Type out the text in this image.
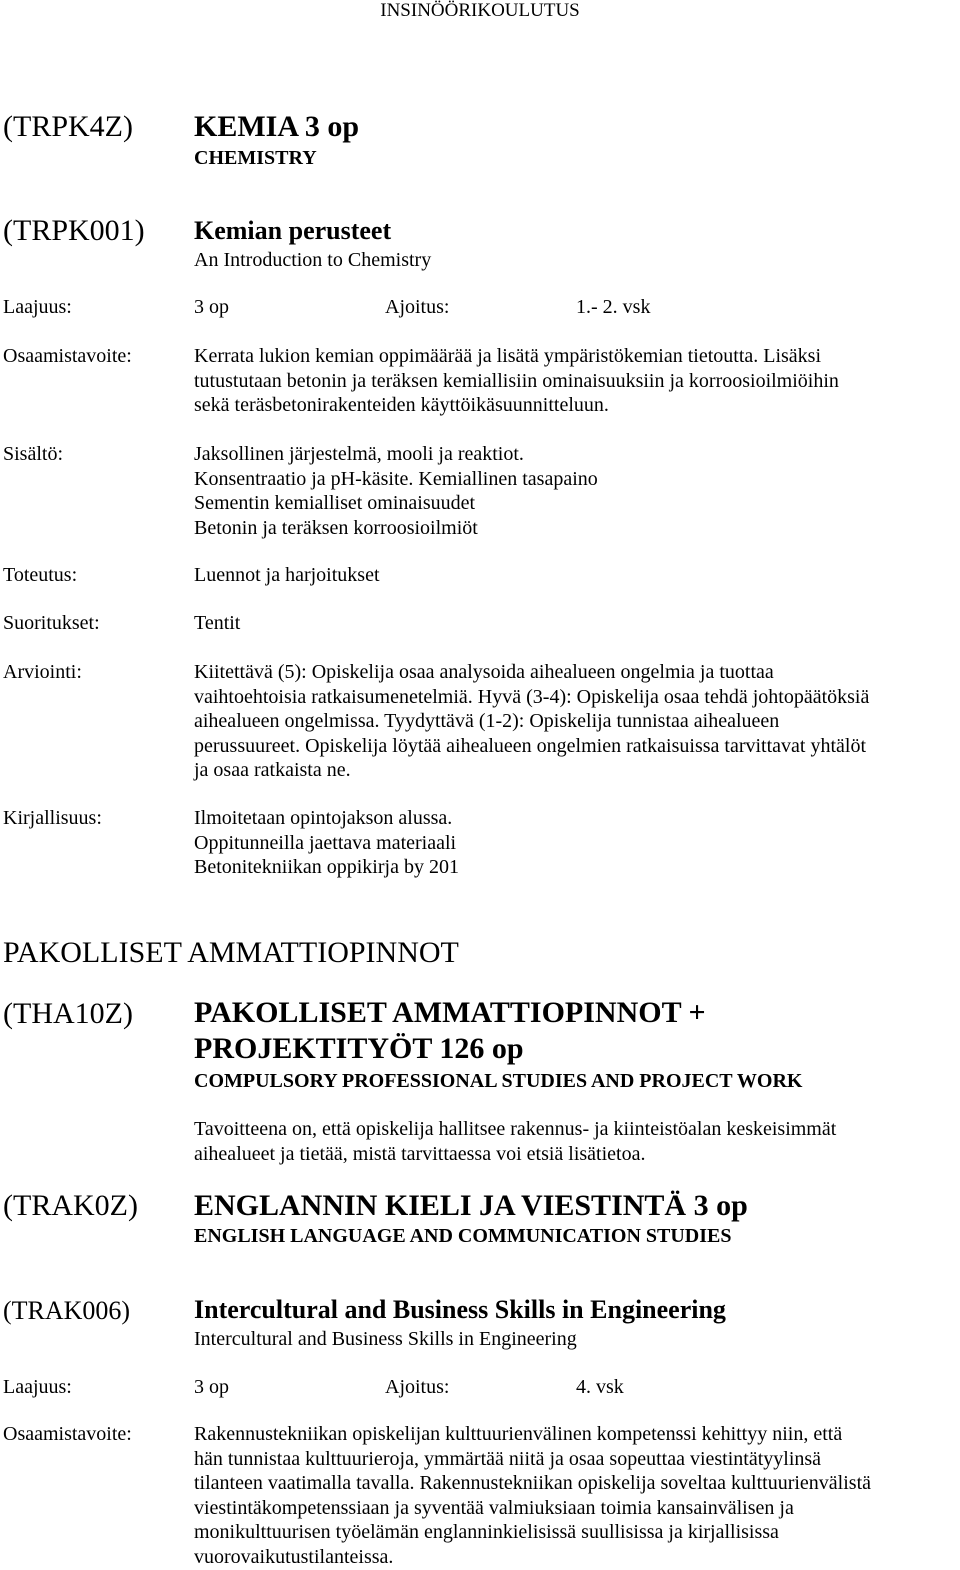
INSINÖÖRIKOULUTUS
(TRPK4Z) KEMIA 3 op
CHEMISTRY
(TRPK001) Kemian perusteet
An Introduction to Chemistry
Laajuus:	3 op	Ajoitus:	1.- 2. vsk
Osaamistavoite:	Kerrata lukion kemian oppimäärää ja lisätä ympäristökemian tietoutta. Lisäksi
tutustutaan betonin ja teräksen kemiallisiin ominaisuuksiin ja korroosioilmiöihin
sekä teräsbetonirakenteiden käyttöikäsuunnitteluun.
Sisältö:	Jaksollinen järjestelmä, mooli ja reaktiot.
Konsentraatio ja pH-käsite. Kemiallinen tasapaino
Sementin kemialliset ominaisuudet
Betonin ja teräksen korroosioilmiöt
Toteutus:	Luennot ja harjoitukset
Suoritukset:	Tentit
Arviointi:	Kiitettävä (5): Opiskelija osaa analysoida aihealueen ongelmia ja tuottaa
vaihtoehtoisia ratkaisumenetelmiä. Hyvä (3-4): Opiskelija osaa tehdä johtopäätöksiä
aihealueen ongelmissa. Tyydyttävä (1-2): Opiskelija tunnistaa aihealueen
perussuureet. Opiskelija löytää aihealueen ongelmien ratkaisuissa tarvittavat yhtälöt
ja osaa ratkaista ne.
Kirjallisuus:	Ilmoitetaan opintojakson alussa.
Oppitunneilla jaettava materiaali
Betonitekniikan oppikirja by 201
PAKOLLISET AMMATTIOPINNOT
(THA10Z) PAKOLLISET AMMATTIOPINNOT +
PROJEKTITYÖT 126 op
COMPULSORY PROFESSIONAL STUDIES AND PROJECT WORK
Tavoitteena on, että opiskelija hallitsee rakennus- ja kiinteistöalan keskeisimmät
aihealueet ja tietää, mistä tarvittaessa voi etsiä lisätietoa.
(TRAK0Z) ENGLANNIN KIELI JA VIESTINTÄ 3 op
ENGLISH LANGUAGE AND COMMUNICATION STUDIES
(TRAK006) Intercultural and Business Skills in Engineering
Intercultural and Business Skills in Engineering
Laajuus:	3 op	Ajoitus:	4. vsk
Osaamistavoite:	Rakennustekniikan opiskelijan kulttuurienvälinen kompetenssi kehittyy niin, että
hän tunnistaa kulttuurieroja, ymmärtää niitä ja osaa sopeuttaa viestintätyylinsä
tilanteen vaatimalla tavalla. Rakennustekniikan opiskelija soveltaa kulttuurienvälistä
viestintäkompetenssiaan ja syventää valmiuksiaan toimia kansainvälisen ja
monikulttuurisen työelämän englanninkielisissä suullisissa ja kirjallisissa
vuorovaikutustilanteissa.
